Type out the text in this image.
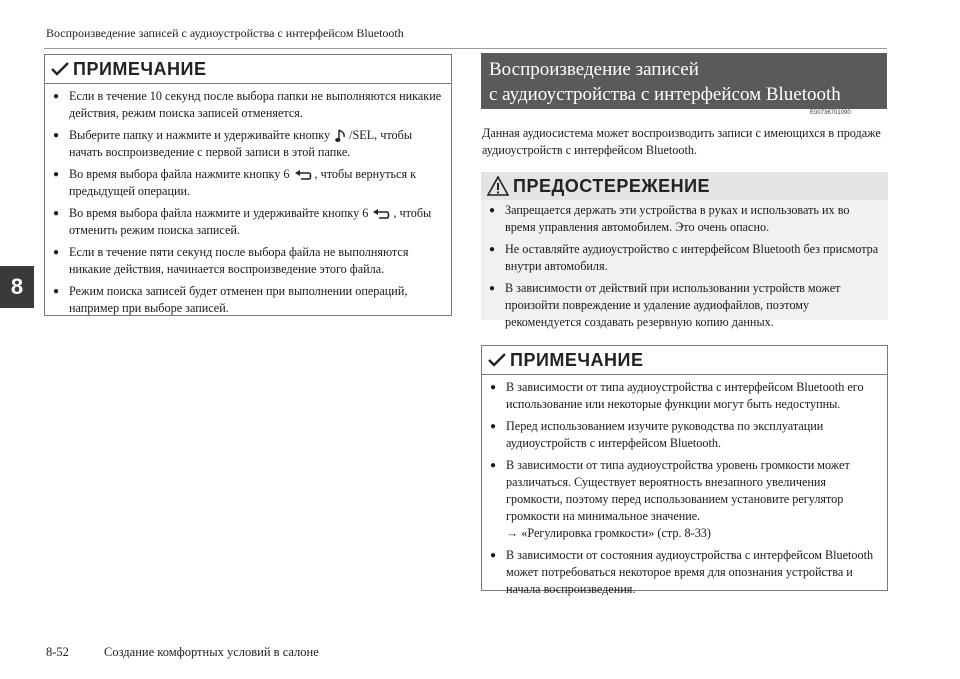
Воспроизведение записей с аудиоустройства с интерфейсом Bluetooth
8
ПРИМЕЧАНИЕ
● Если в течение 10 секунд после выбора папки не выполняются никакие действия, режим поиска записей отменяется.
● Выберите папку и нажмите и удерживайте кнопку /SEL, чтобы начать воспроизведение с первой записи в этой папке.
● Во время выбора файла нажмите кнопку 6 , чтобы вернуться к предыдущей операции.
● Во время выбора файла нажмите и удерживайте кнопку 6 , чтобы отменить режим поиска записей.
● Если в течение пяти секунд после выбора файла не выполняются никакие действия, начинается воспроизведение этого файла.
● Режим поиска записей будет отменен при выполнении операций, например при выборе записей.
Воспроизведение записей
с аудиоустройства с интерфейсом Bluetooth
E00736701090
Данная аудиосистема может воспроизводить записи с имеющихся в продаже аудиоустройств с интерфейсом Bluetooth.
ПРЕДОСТЕРЕЖЕНИЕ
● Запрещается держать эти устройства в руках и использовать их во время управления автомобилем. Это очень опасно.
● Не оставляйте аудиоустройство с интерфейсом Bluetooth без присмотра внутри автомобиля.
● В зависимости от действий при использовании устройств может произойти повреждение и удаление аудиофайлов, поэтому рекомендуется создавать резервную копию данных.
ПРИМЕЧАНИЕ
● В зависимости от типа аудиоустройства с интерфейсом Bluetooth его использование или некоторые функции могут быть недоступны.
● Перед использованием изучите руководства по эксплуатации аудиоустройств с интерфейсом Bluetooth.
● В зависимости от типа аудиоустройства уровень громкости может различаться. Существует вероятность внезапного увеличения громкости, поэтому перед использованием установите регулятор громкости на минимальное значение.
→ «Регулировка громкости» (стр. 8-33)
● В зависимости от состояния аудиоустройства с интерфейсом Bluetooth может потребоваться некоторое время для опознания устройства и начала воспроизведения.
8-52	Создание комфортных условий в салоне
